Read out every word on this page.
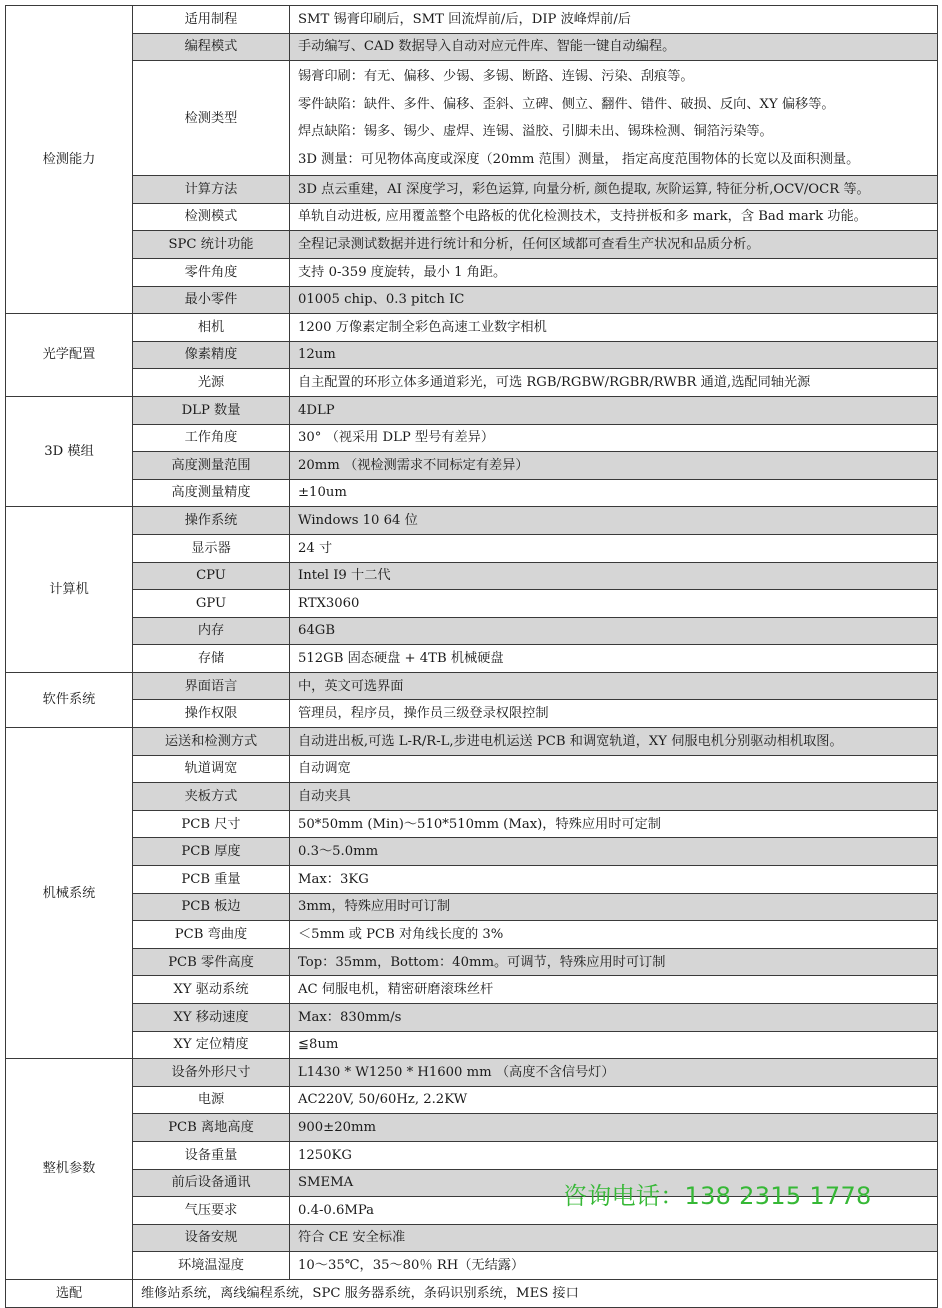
检测能力	适用制程	SMT 锡膏印刷后，SMT 回流焊前/后，DIP 波峰焊前/后
	编程模式	手动编写、CAD 数据导入自动对应元件库、智能一键自动编程。
	检测类型	锡膏印刷：有无、偏移、少锡、多锡、断路、连锡、污染、刮痕等。
零件缺陷：缺件、多件、偏移、歪斜、立碑、侧立、翻件、错件、破损、反向、XY 偏移等。
焊点缺陷：锡多、锡少、虚焊、连锡、溢胶、引脚未出、锡珠检测、铜箔污染等。
3D 测量：可见物体高度或深度（20mm 范围）测量， 指定高度范围物体的长宽以及面积测量。

	计算方法	3D 点云重建，AI 深度学习，彩色运算, 向量分析, 颜色提取, 灰阶运算, 特征分析,OCV/OCR 等。
	检测模式	单轨自动进板, 应用覆盖整个电路板的优化检测技术，支持拼板和多 mark，含 Bad mark 功能。
	SPC 统计功能	全程记录测试数据并进行统计和分析，任何区域都可查看生产状况和品质分析。
	零件角度	支持 0-359 度旋转，最小 1 角距。
	最小零件	01005 chip、0.3 pitch IC
光学配置	相机	1200 万像素定制全彩色高速工业数字相机
	像素精度	12um
	光源	自主配置的环形立体多通道彩光，可选 RGB/RGBW/RGBR/RWBR 通道,选配同轴光源
3D 模组	DLP 数量	4DLP
	工作角度	30° （视采用 DLP 型号有差异）
	高度测量范围	20mm （视检测需求不同标定有差异）
	高度测量精度	±10um
计算机	操作系统	Windows 10 64 位
	显示器	24 寸
	CPU	Intel I9 十二代
	GPU	RTX3060
	内存	64GB
	存储	512GB 固态硬盘 + 4TB 机械硬盘
软件系统	界面语言	中，英文可选界面
	操作权限	管理员，程序员，操作员三级登录权限控制
机械系统	运送和检测方式	自动进出板,可选 L-R/R-L,步进电机运送 PCB 和调宽轨道，XY 伺服电机分别驱动相机取图。
	轨道调宽	自动调宽
	夹板方式	自动夹具
	PCB 尺寸	50*50mm (Min)～510*510mm (Max)，特殊应用时可定制
	PCB 厚度	0.3～5.0mm
	PCB 重量	Max：3KG
	PCB 板边	3mm，特殊应用时可订制
	PCB 弯曲度	＜5mm 或 PCB 对角线长度的 3%
	PCB 零件高度	Top：35mm，Bottom：40mm。可调节，特殊应用时可订制
	XY 驱动系统	AC 伺服电机，精密研磨滚珠丝杆
	XY 移动速度	Max：830mm/s
	XY 定位精度	≦8um
整机参数	设备外形尺寸	L1430 * W1250 * H1600 mm （高度不含信号灯）
	电源	AC220V, 50/60Hz, 2.2KW
	PCB 离地高度	900±20mm
	设备重量	1250KG
	前后设备通讯	SMEMA
	气压要求	0.4-0.6MPa
	设备安规	符合 CE 安全标准
	环境温湿度	10～35℃，35～80％ RH（无结露）
选配	维修站系统，离线编程系统，SPC 服务器系统，条码识别系统，MES 接口	
咨询电话：138 2315 1778
